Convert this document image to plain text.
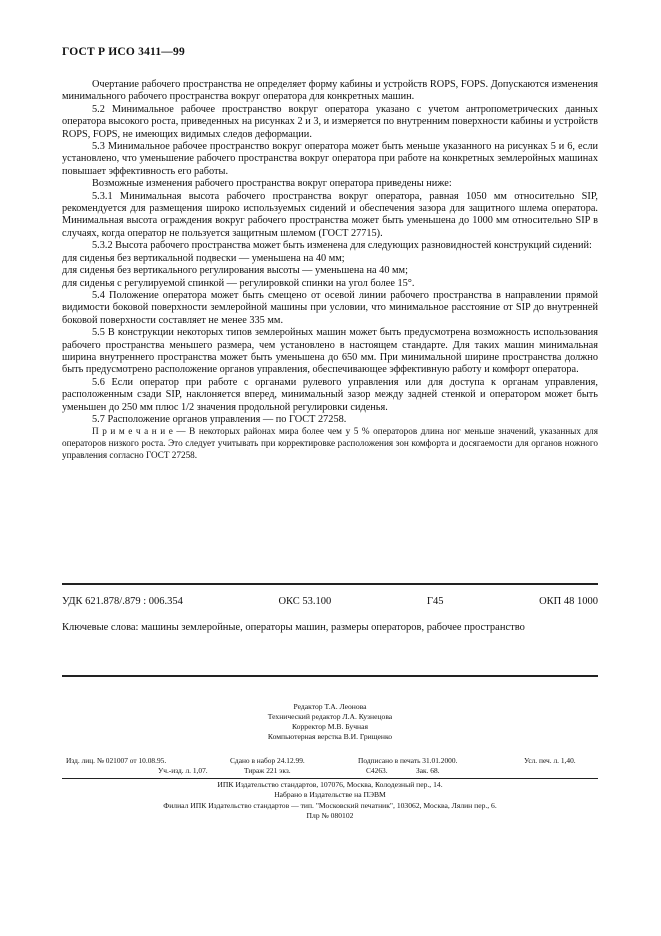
ГОСТ Р ИСО 3411—99

Очертание рабочего пространства не определяет форму кабины и устройств ROPS, FOPS. Допускаются изменения минимального рабочего пространства вокруг оператора для конкретных машин.

5.2 Минимальное рабочее пространство вокруг оператора указано с учетом антропометрических данных оператора высокого роста, приведенных на рисунках 2 и 3, и измеряется по внутренним поверхности кабины и устройств ROPS, FOPS, не имеющих видимых следов деформации.

5.3 Минимальное рабочее пространство вокруг оператора может быть меньше указанного на рисунках 5 и 6, если установлено, что уменьшение рабочего пространства вокруг оператора при работе на конкретных землеройных машинах повышает эффективность его работы.

Возможные изменения рабочего пространства вокруг оператора приведены ниже:

5.3.1 Минимальная высота рабочего пространства вокруг оператора, равная 1050 мм относительно SIP, рекомендуется для размещения широко используемых сидений и обеспечения зазора для защитного шлема оператора. Минимальная высота ограждения вокруг рабочего пространства может быть уменьшена до 1000 мм относительно SIP в случаях, когда оператор не пользуется защитным шлемом (ГОСТ 27715).

5.3.2 Высота рабочего пространства может быть изменена для следующих разновидностей конструкций сидений:

для сиденья без вертикальной подвески — уменьшена на 40 мм;

для сиденья без вертикального регулирования высоты — уменьшена на 40 мм;

для сиденья с регулируемой спинкой — регулировкой спинки на угол более 15°.

5.4 Положение оператора может быть смещено от осевой линии рабочего пространства в направлении прямой видимости боковой поверхности землеройной машины при условии, что минимальное расстояние от SIP до внутренней боковой поверхности составляет не менее 335 мм.

5.5 В конструкции некоторых типов землеройных машин может быть предусмотрена возможность использования рабочего пространства меньшего размера, чем установлено в настоящем стандарте. Для таких машин минимальная ширина внутреннего пространства может быть уменьшена до 650 мм. При минимальной ширине пространства должно быть предусмотрено расположение органов управления, обеспечивающее эффективную работу и комфорт оператора.

5.6 Если оператор при работе с органами рулевого управления или для доступа к органам управления, расположенным сзади SIP, наклоняется вперед, минимальный зазор между задней стенкой и оператором может быть уменьшен до 250 мм плюс 1/2 значения продольной регулировки сиденья.

5.7 Расположение органов управления — по ГОСТ 27258.

П р и м е ч а н и е — В некоторых районах мира более чем у 5 % операторов длина ног меньше значений, указанных для операторов низкого роста. Это следует учитывать при корректировке расположения зон комфорта и досягаемости для органов ножного управления согласно ГОСТ 27258.

УДК 621.878/.879 : 006.354	ОКС 53.100	Г45	ОКП 48 1000
Ключевые слова: машины землеройные, операторы машин, размеры операторов, рабочее пространство
Редактор Т.А. Леонова
Технический редактор Л.А. Кузнецова
Корректор М.В. Бучная
Компьютерная верстка В.И. Грищенко
Изд. лиц. № 021007 от 10.08.95.	Сдано в набор 24.12.99.	Подписано в печать 31.01.2000.	Усл. печ. л. 1,40.
Уч.-изд. л. 1,07.	Тираж 221 экз.	С4263.	Зак. 68.
ИПК Издательство стандартов, 107076, Москва, Колодезный пер., 14.
Набрано в Издательстве на ПЭВМ
Филиал ИПК Издательство стандартов — тип. "Московский печатник", 103062, Москва, Лялин пер., 6.
Плр № 080102
